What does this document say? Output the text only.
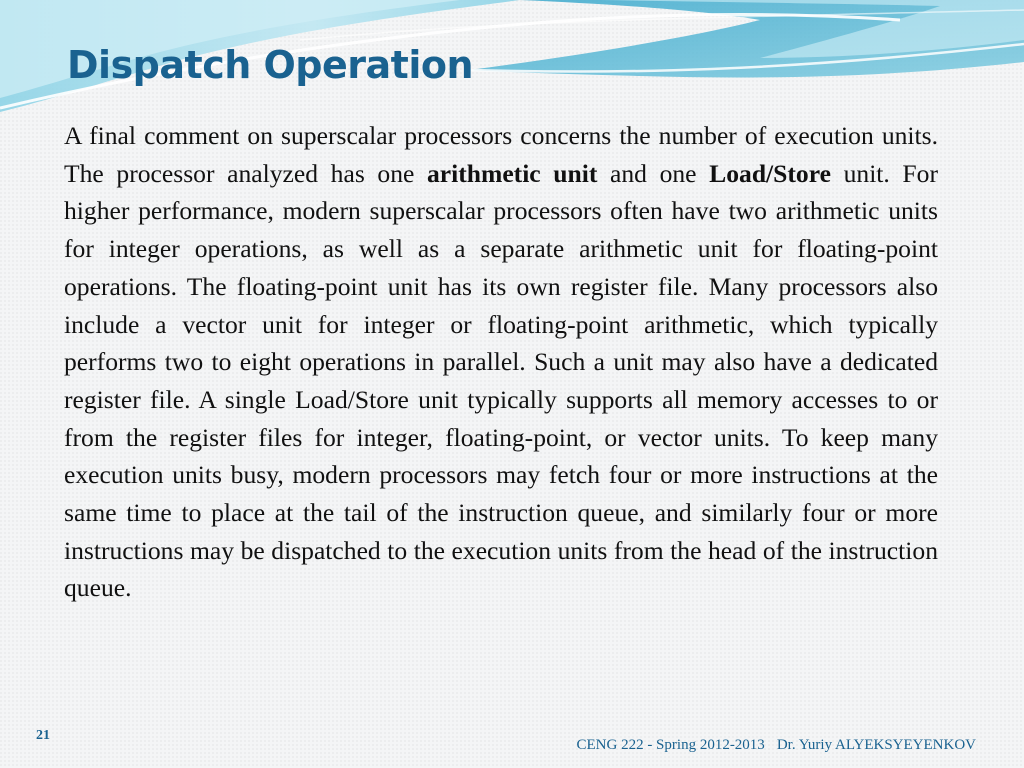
Dispatch Operation

A final comment on superscalar processors concerns the number of execution units. The processor analyzed has one arithmetic unit and one Load/Store unit. For higher performance, modern superscalar processors often have two arithmetic units for integer operations, as well as a separate arithmetic unit for floating-point operations. The floating-point unit has its own register file. Many processors also include a vector unit for integer or floating-point arithmetic, which typically performs two to eight operations in parallel. Such a unit may also have a dedicated register file. A single Load/Store unit typically supports all memory accesses to or from the register files for integer, floating-point, or vector units. To keep many execution units busy, modern processors may fetch four or more instructions at the same time to place at the tail of the instruction queue, and similarly four or more instructions may be dispatched to the execution units from the head of the instruction queue.

21
CENG 222 - Spring 2012-2013 Dr. Yuriy ALYEKSYEYENKOV
